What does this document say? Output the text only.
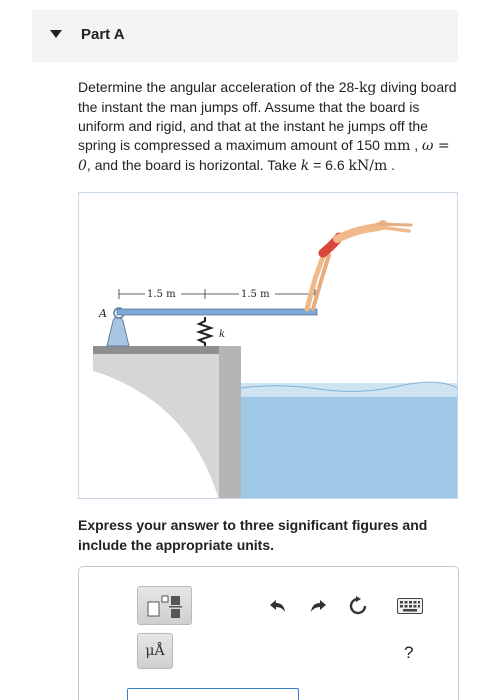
Part A
Determine the angular acceleration of the 28-kg diving board the instant the man jumps off. Assume that the board is uniform and rigid, and that at the instant he jumps off the spring is compressed a maximum amount of 150 mm , ω = 0, and the board is horizontal. Take k = 6.6 kN/m .
A
k
1.5 m	1.5 m
Express your answer to three significant figures and include the appropriate units.
μÅ	?
